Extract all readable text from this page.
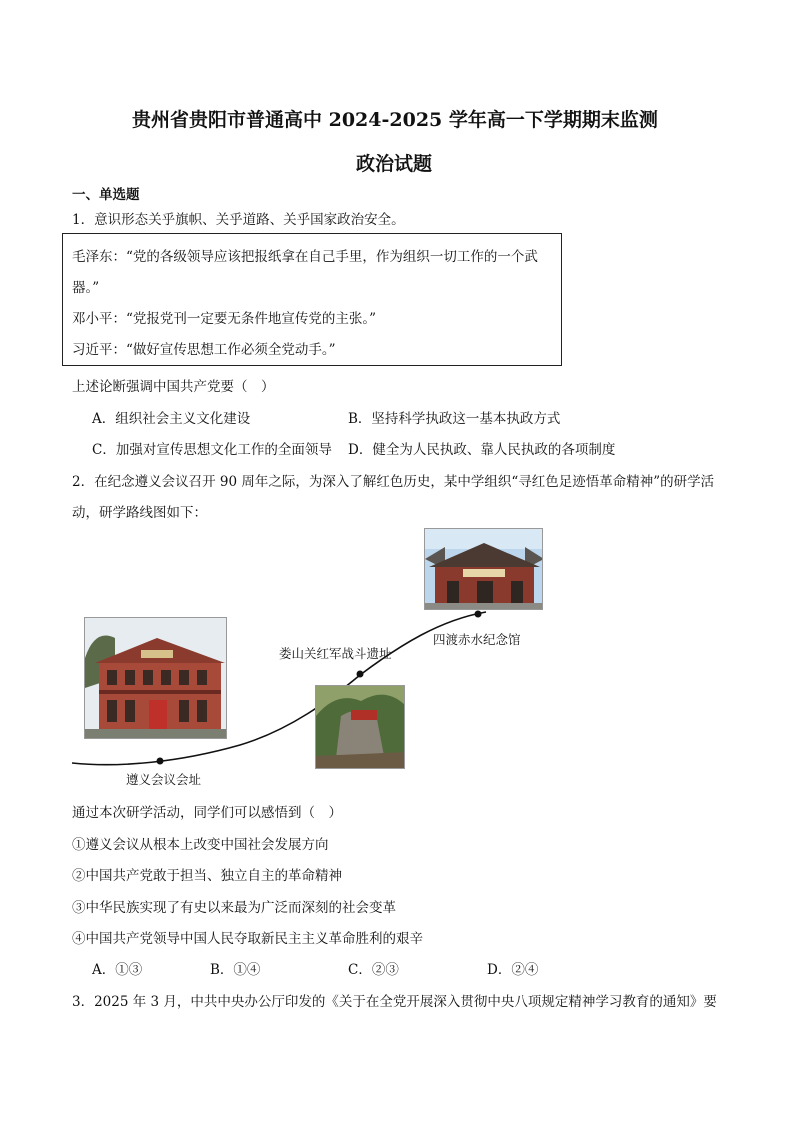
贵州省贵阳市普通高中 2024-2025 学年高一下学期期末监测
政治试题
一、单选题
1．意识形态关乎旗帜、关乎道路、关乎国家政治安全。
毛泽东：“党的各级领导应该把报纸拿在自己手里，作为组织一切工作的一个武
器。”
邓小平：“党报党刊一定要无条件地宣传党的主张。”
习近平：“做好宣传思想工作必须全党动手。”
上述论断强调中国共产党要（　）
A．组织社会主义文化建设	B．坚持科学执政这一基本执政方式
C．加强对宣传思想文化工作的全面领导 D．健全为人民执政、靠人民执政的各项制度
2．在纪念遵义会议召开 90 周年之际，为深入了解红色历史，某中学组织“寻红色足迹悟革命精神”的研学活
动，研学路线图如下：
遵义会议会址
娄山关红军战斗遗址
四渡赤水纪念馆
通过本次研学活动，同学们可以感悟到（　）
①遵义会议从根本上改变中国社会发展方向
②中国共产党敢于担当、独立自主的革命精神
③中华民族实现了有史以来最为广泛而深刻的社会变革
④中国共产党领导中国人民夺取新民主主义革命胜利的艰辛
A．①③	B．①④	C．②③	D．②④
3．2025 年 3 月，中共中央办公厅印发的《关于在全党开展深入贯彻中央八项规定精神学习教育的通知》要
